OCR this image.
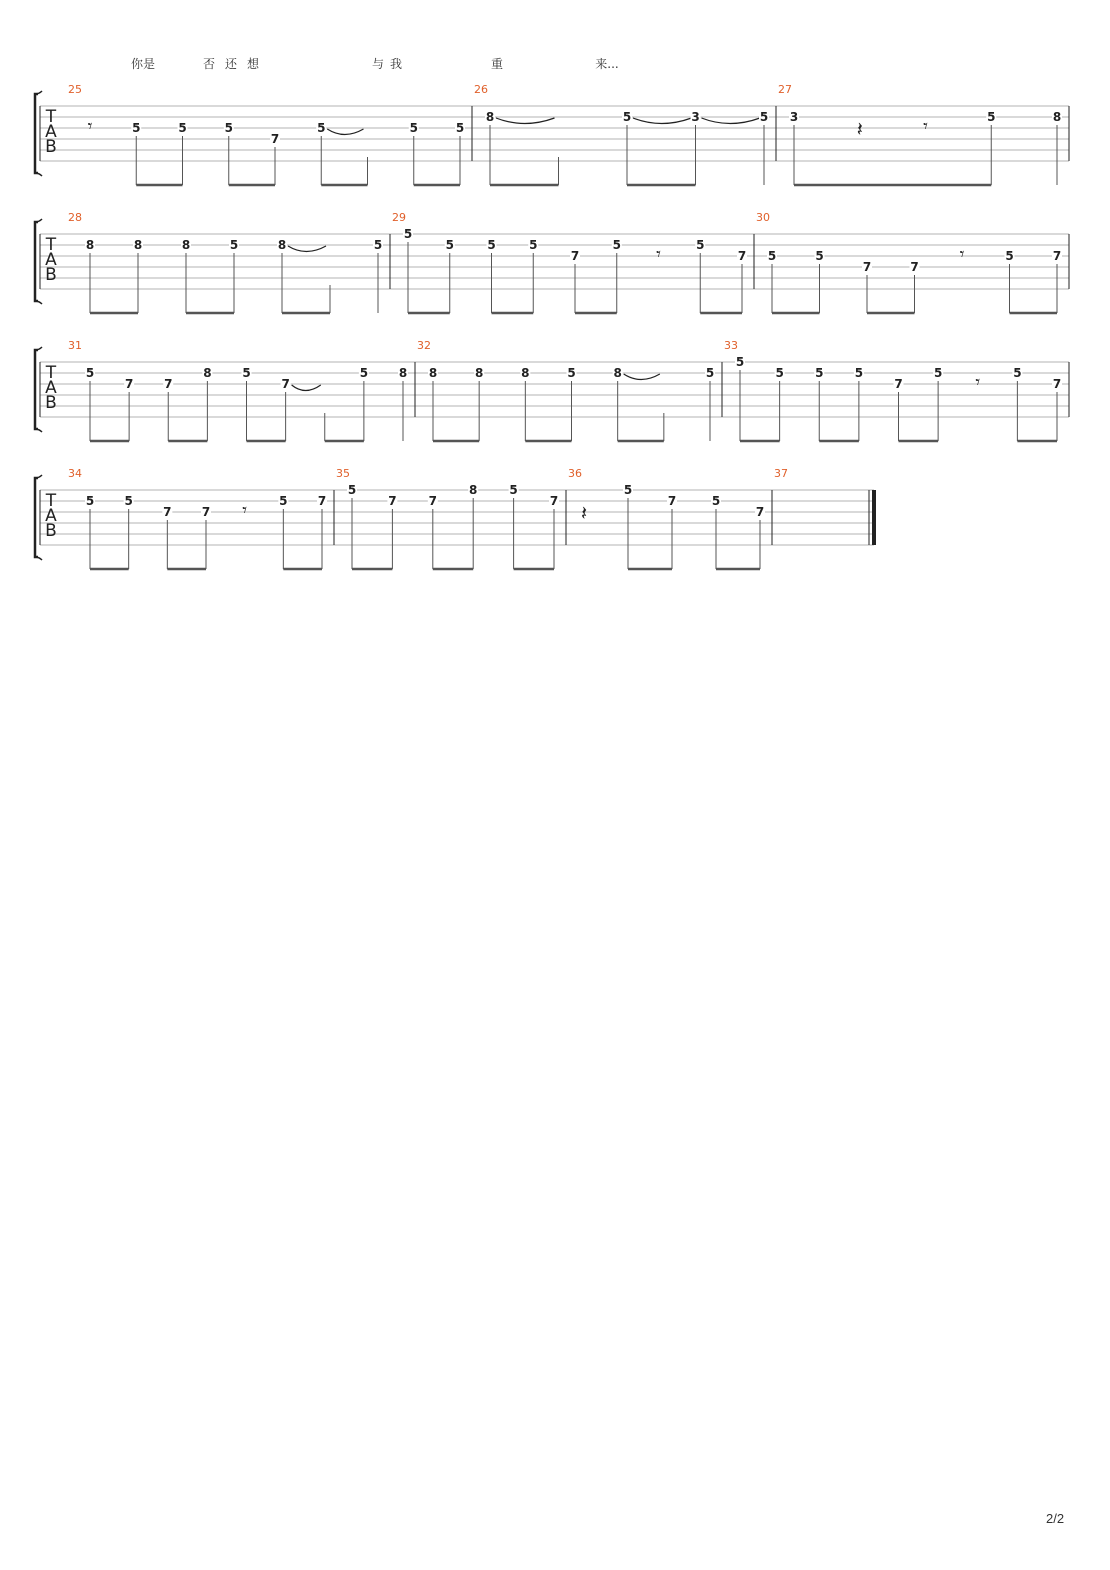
你是	否 还 想	与 我	重	来...
T
A
B
25
𝄾	5	5	5
7
5	5	5
26
8	5	3	5
27
3	𝄽	𝄾	5	8
T
A
B
28
8	8	8	5	8	5
29
5
5	5	5
7
5 𝄾	5
7
30
5	5
7	7
𝄾	5	7
T
A
B
31
5
7	7
8	5
7
5	8
32
8	8	8	5	8	5
33
5
5	5	5
7
5 𝄾	5
7
T
A
B
34
5	5
7	7 𝄾	5	7
35
5
7	7
8	5
7
36
𝄽
5
7	5
7
37
2/2
